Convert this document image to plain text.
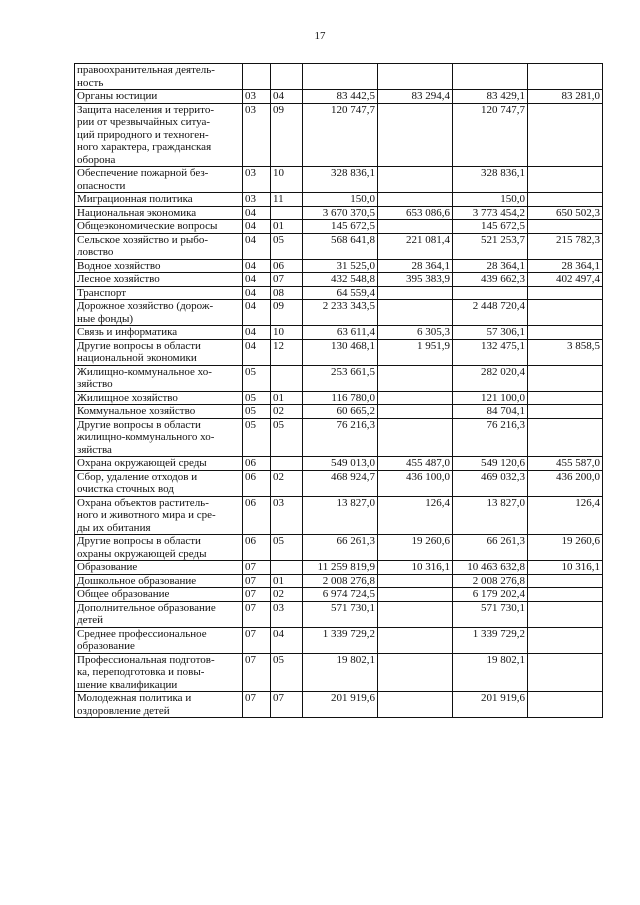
17
правоохранительная деятель-
ность						
Органы юстиции	03	04	83 442,5	83 294,4	83 429,1	83 281,0
Защита населения и террито-
рии от чрезвычайных ситуа-
ций природного и техноген-
ного характера, гражданская
оборона	03	09	120 747,7		120 747,7	
Обеспечение пожарной без-
опасности	03	10	328 836,1		328 836,1	
Миграционная политика	03	11	150,0		150,0	
Национальная экономика	04		3 670 370,5	653 086,6	3 773 454,2	650 502,3
Общеэкономические вопросы	04	01	145 672,5		145 672,5	
Сельское хозяйство и рыбо-
ловство	04	05	568 641,8	221 081,4	521 253,7	215 782,3
Водное хозяйство	04	06	31 525,0	28 364,1	28 364,1	28 364,1
Лесное хозяйство	04	07	432 548,8	395 383,9	439 662,3	402 497,4
Транспорт	04	08	64 559,4			
Дорожное хозяйство (дорож-
ные фонды)	04	09	2 233 343,5		2 448 720,4	
Связь и информатика	04	10	63 611,4	6 305,3	57 306,1	
Другие вопросы в области
национальной экономики	04	12	130 468,1	1 951,9	132 475,1	3 858,5
Жилищно-коммунальное хо-
зяйство	05		253 661,5		282 020,4	
Жилищное хозяйство	05	01	116 780,0		121 100,0	
Коммунальное хозяйство	05	02	60 665,2		84 704,1	
Другие вопросы в области
жилищно-коммунального хо-
зяйства	05	05	76 216,3		76 216,3	
Охрана окружающей среды	06		549 013,0	455 487,0	549 120,6	455 587,0
Сбор, удаление отходов и
очистка сточных вод	06	02	468 924,7	436 100,0	469 032,3	436 200,0
Охрана объектов раститель-
ного и животного мира и сре-
ды их обитания	06	03	13 827,0	126,4	13 827,0	126,4
Другие вопросы в области
охраны окружающей среды	06	05	66 261,3	19 260,6	66 261,3	19 260,6
Образование	07		11 259 819,9	10 316,1	10 463 632,8	10 316,1
Дошкольное образование	07	01	2 008 276,8		2 008 276,8	
Общее образование	07	02	6 974 724,5		6 179 202,4	
Дополнительное образование
детей	07	03	571 730,1		571 730,1	
Среднее профессиональное
образование	07	04	1 339 729,2		1 339 729,2	
Профессиональная подготов-
ка, переподготовка и повы-
шение квалификации	07	05	19 802,1		19 802,1	
Молодежная политика и
оздоровление детей	07	07	201 919,6		201 919,6	
